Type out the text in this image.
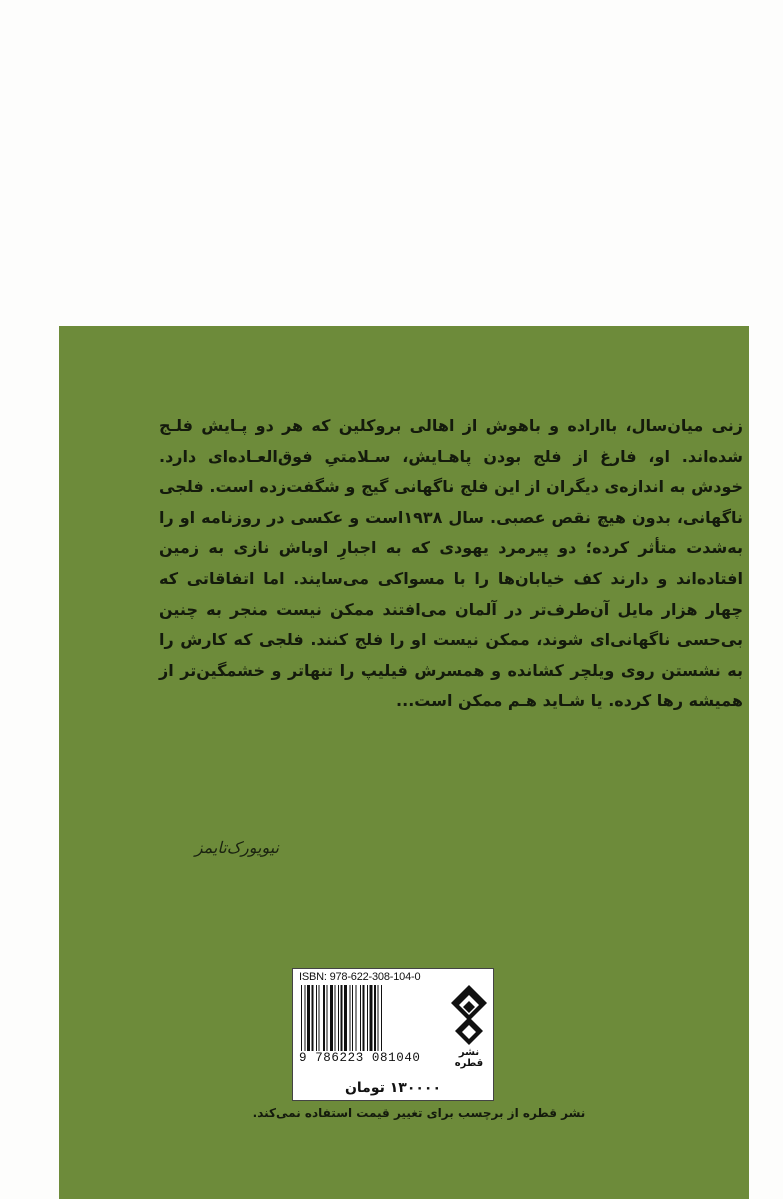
زنی میان‌سال، بااراده و باهوش از اهالی بروکلین که هر دو پـایش فلـج شده‌اند. او، فارغ از فلج بودن پاهـایش، سـلامتیِ فوق‌العـاده‌ای دارد. خودش به اندازه‌ی دیگران از این فلج ناگهانی گیج و شگفت‌زده است. فلجی ناگهانی، بدون هیچ نقص عصبی. سال ۱۹۳۸است و عکسی در روزنامه او را به‌شدت متأثر کرده؛ دو پیرمرد یهودی که به اجبارِ اوباش نازی به زمین افتاده‌اند و دارند کف خیابان‌ها را با مسواکی می‌سایند. اما اتفاقاتی که چهار هزار مایل آن‌طرف‌تر در آلمان می‌افتند ممکن نیست منجر به چنین بی‌حسی ناگهانی‌ای شوند، ممکن نیست او را فلج کنند. فلجی که کارش را به نشستن روی ویلچر کشانده و همسرش فیلیپ را تنهاتر و خشمگین‌تر از همیشه رها کرده. یا شـاید هـم ممکن است...

نیویورک‌تایمز
ISBN: 978-622-308-104-0
9 786223 081040	نشر قطره
۱۳۰۰۰۰ تومان
نشر قطره از برچسب برای تغییر قیمت استفاده نمی‌کند.
